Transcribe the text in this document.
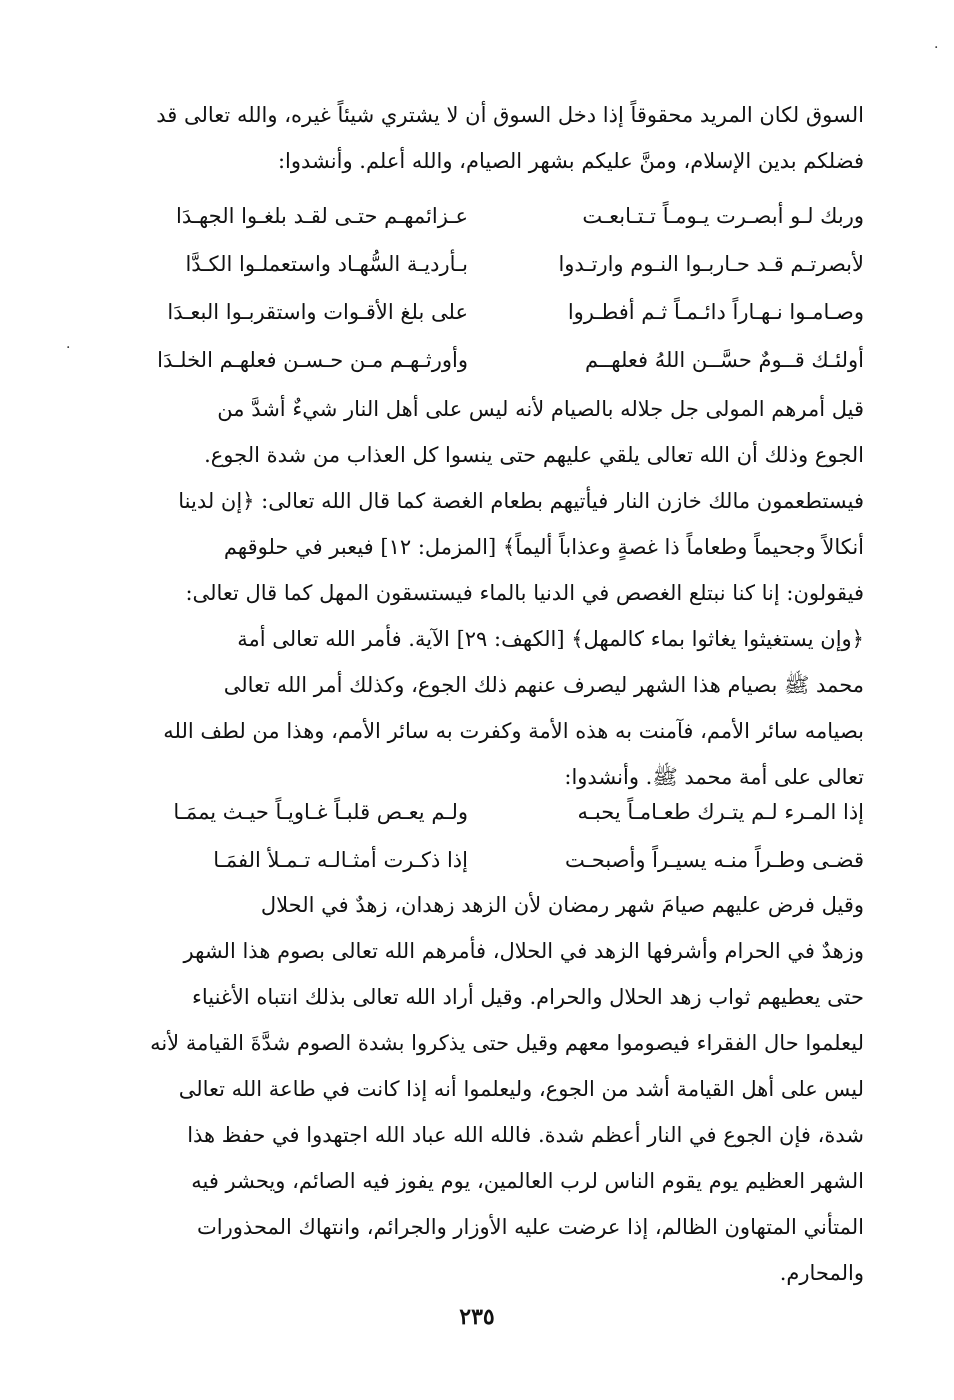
السوق لكان المريد محقوقاً إذا دخل السوق أن لا يشتري شيئاً غيره، والله تعالى قد
فضلكم بدين الإسلام، ومنَّ عليكم بشهر الصيام، والله أعلم. وأنشدوا:
وربك لـو أبصـرت يـومـاً تـتـابعـت
عـزائمهـم حتـى لقـد بلغـوا الجهـدَا
لأبصرتـم قـد حـاربـوا النـوم وارتـدوا
بـأرديـة السُّهـاد واستعملـوا الكـدَّا
وصـامـوا نـهـاراً دائـمـاً ثـم أفطـروا
على بلغ الأقـوات واستقربـوا البعـدَا
أولئـك قــومٌ حسَّــن اللهُ فعلهــم
وأورثـهـم مـن حـسـن فعلهـم الخلـدَا
قيل أمرهم المولى جل جلاله بالصيام لأنه ليس على أهل النار شيءٌ أشدَّ من
الجوع وذلك أن الله تعالى يلقي عليهم حتى ينسوا كل العذاب من شدة الجوع.
فيستطعمون مالك خازن النار فيأتيهم بطعام الغصة كما قال الله تعالى: ﴿إن لدينا
أنكالاً وجحيماً وطعاماً ذا غصةٍ وعذاباً أليماً﴾ [المزمل: ١٢] فيعبر في حلوقهم
فيقولون: إنا كنا نبتلع الغصص في الدنيا بالماء فيستسقون المهل كما قال تعالى:
﴿وإن يستغيثوا يغاثوا بماء كالمهل﴾ [الكهف: ٢٩] الآية. فأمر الله تعالى أمة
محمد ﷺ بصيام هذا الشهر ليصرف عنهم ذلك الجوع، وكذلك أمر الله تعالى
بصيامه سائر الأمم، فآمنت به هذه الأمة وكفرت به سائر الأمم، وهذا من لطف الله
تعالى على أمة محمد ﷺ. وأنشدوا:
إذا المـرء لـم يتـرك طعـامـاً يحبـه
ولـم يعـص قلبـاً غـاويـاً حيـث يممَـا
قضـى وطـراً منـه يسيـراً وأصبحـت
إذا ذكـرت أمثـالـه تـمـلأ الفمَـا
وقيل فرض عليهم صيامَ شهر رمضان لأن الزهد زهدان، زهدٌ في الحلال
وزهدٌ في الحرام وأشرفها الزهد في الحلال، فأمرهم الله تعالى بصوم هذا الشهر
حتى يعطيهم ثواب زهد الحلال والحرام. وقيل أراد الله تعالى بذلك انتباه الأغنياء
ليعلموا حال الفقراء فيصوموا معهم وقيل حتى يذكروا بشدة الصوم شدَّةَ القيامة لأنه
ليس على أهل القيامة أشد من الجوع، وليعلموا أنه إذا كانت في طاعة الله تعالى
شدة، فإن الجوع في النار أعظم شدة. فالله الله عباد الله اجتهدوا في حفظ هذا
الشهر العظيم يوم يقوم الناس لرب العالمين، يوم يفوز فيه الصائم، ويحشر فيه
المتأني المتهاون الظالم، إذا عرضت عليه الأوزار والجرائم، وانتهاك المحذورات
والمحارم.
٢٣٥
·
·
